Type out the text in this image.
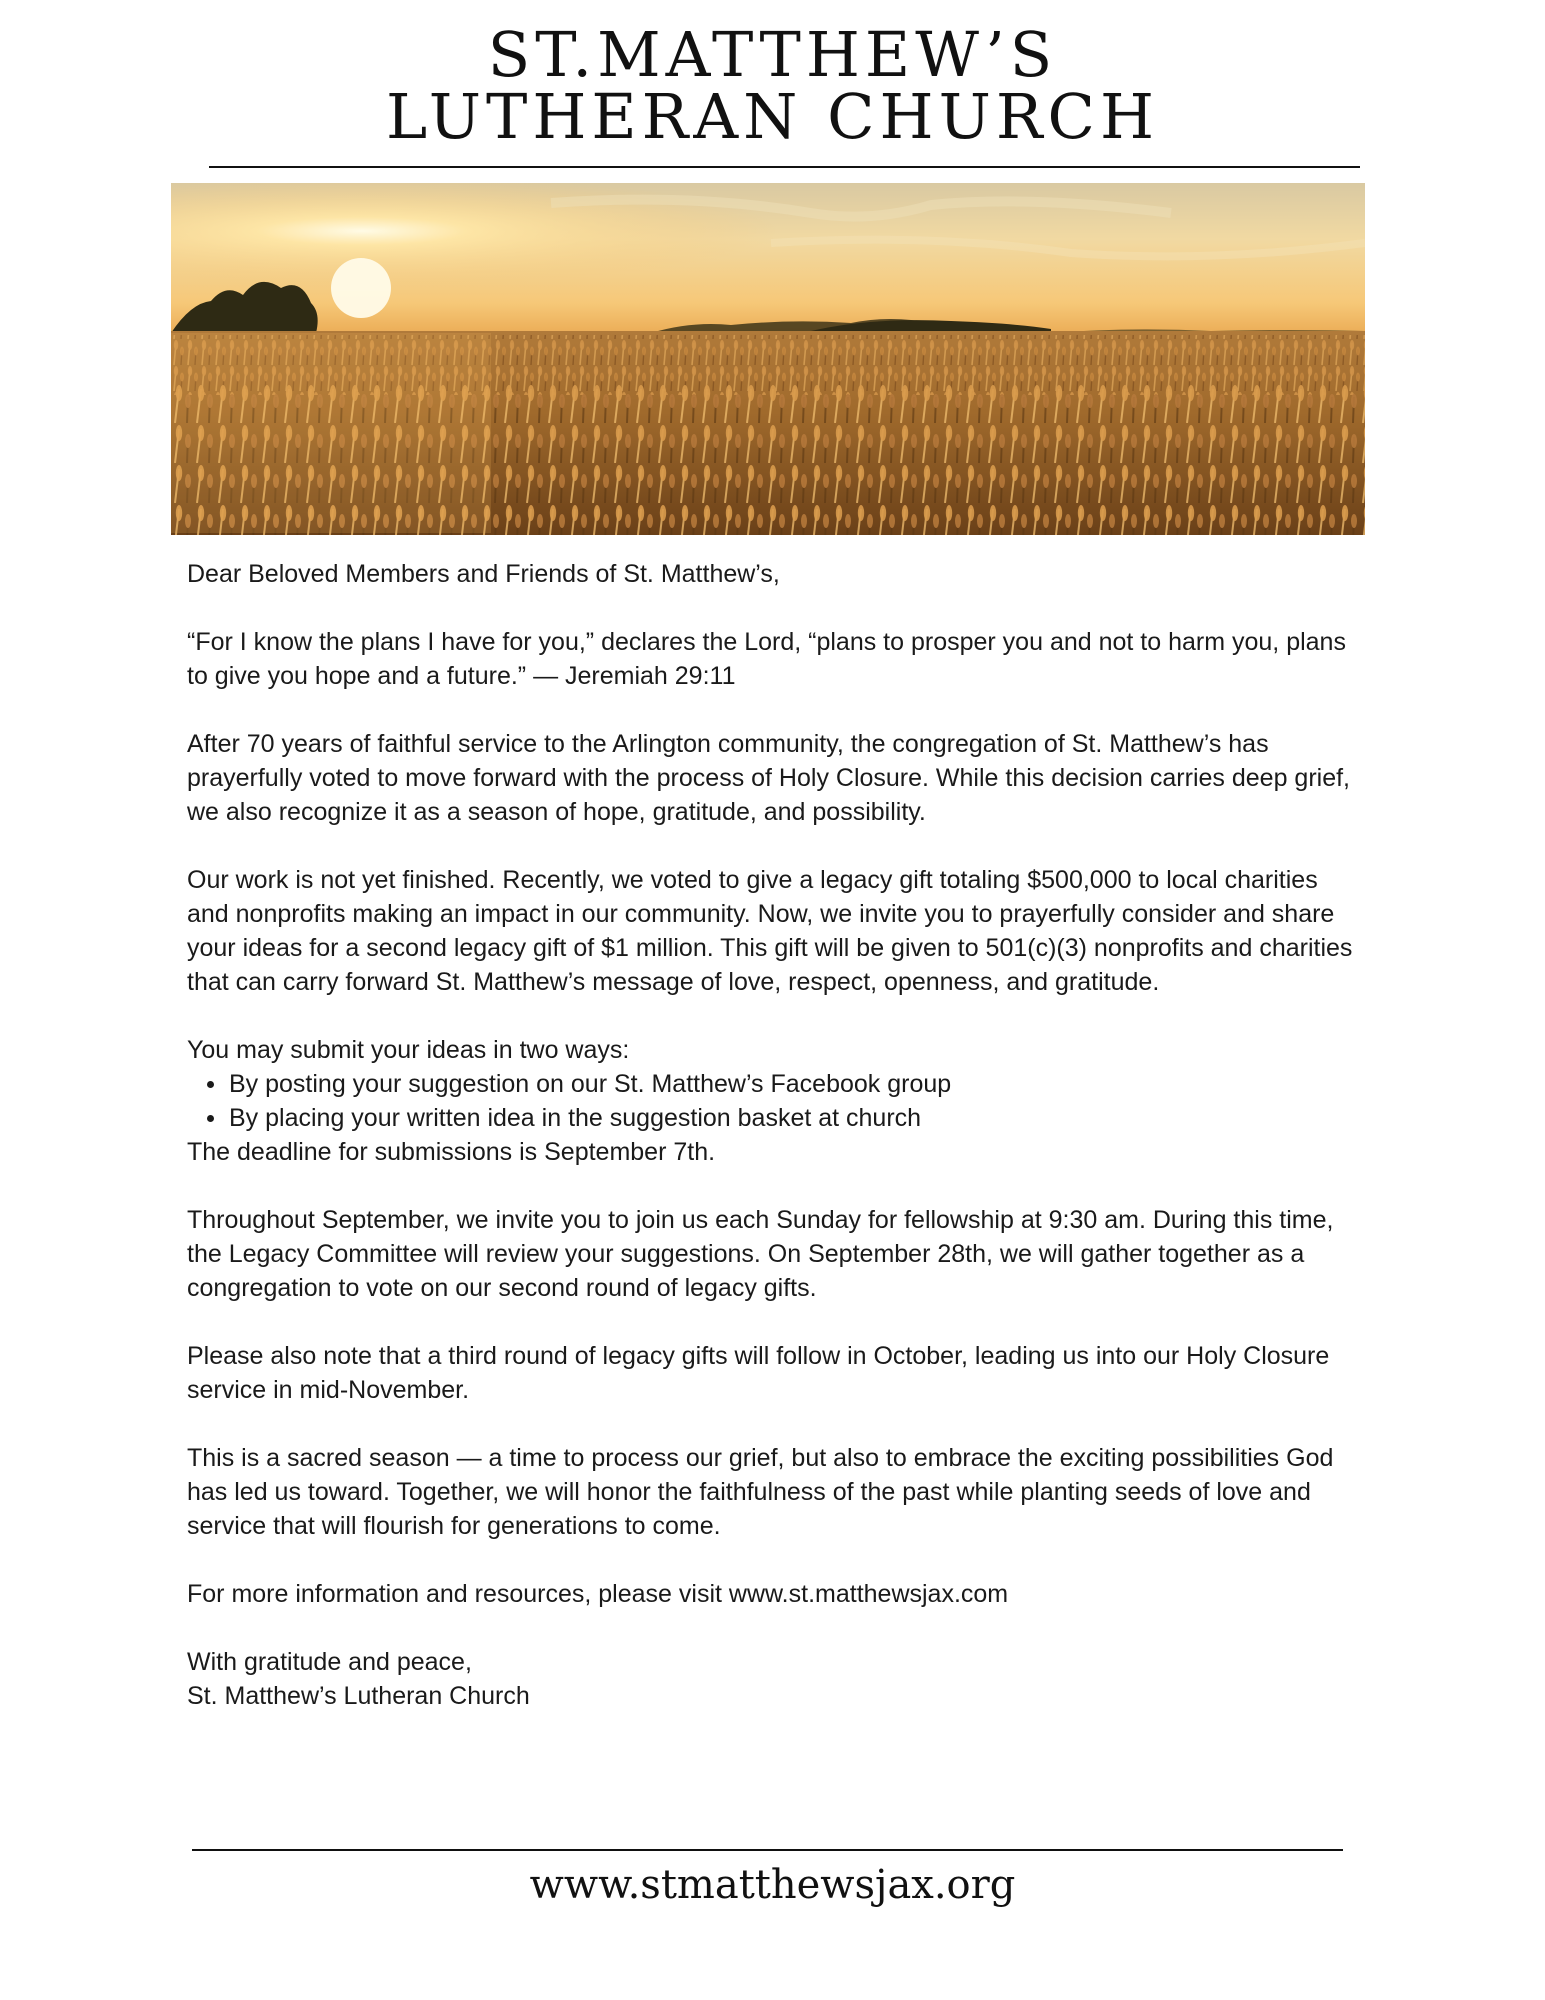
ST.MATTHEW’S
LUTHERAN CHURCH

Dear Beloved Members and Friends of St. Matthew’s,

“For I know the plans I have for you,” declares the Lord, “plans to prosper you and not to harm you, plans to give you hope and a future.” — Jeremiah 29:11

After 70 years of faithful service to the Arlington community, the congregation of St. Matthew’s has prayerfully voted to move forward with the process of Holy Closure. While this decision carries deep grief, we also recognize it as a season of hope, gratitude, and possibility.

Our work is not yet finished. Recently, we voted to give a legacy gift totaling $500,000 to local charities and nonprofits making an impact in our community. Now, we invite you to prayerfully consider and share your ideas for a second legacy gift of $1 million. This gift will be given to 501(c)(3) nonprofits and charities that can carry forward St. Matthew’s message of love, respect, openness, and gratitude.

You may submit your ideas in two ways:

By posting your suggestion on our St. Matthew’s Facebook group
By placing your written idea in the suggestion basket at church

The deadline for submissions is September 7th.

Throughout September, we invite you to join us each Sunday for fellowship at 9:30 am. During this time, the Legacy Committee will review your suggestions. On September 28th, we will gather together as a congregation to vote on our second round of legacy gifts.

Please also note that a third round of legacy gifts will follow in October, leading us into our Holy Closure service in mid-November.

This is a sacred season — a time to process our grief, but also to embrace the exciting possibilities God has led us toward. Together, we will honor the faithfulness of the past while planting seeds of love and service that will flourish for generations to come.

For more information and resources, please visit www.st.matthewsjax.com

With gratitude and peace,

St. Matthew’s Lutheran Church

www.stmatthewsjax.org
